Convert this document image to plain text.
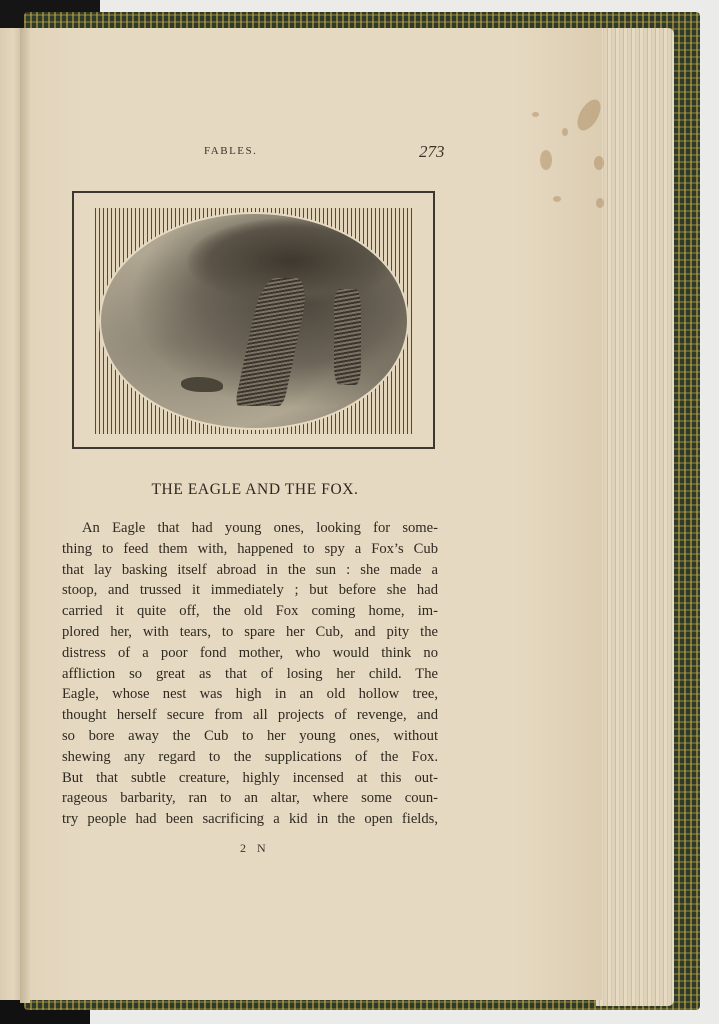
FABLES.	273
THE EAGLE AND THE FOX.
An Eagle that had young ones, looking for some-
thing to feed them with, happened to spy a Fox’s Cub
that lay basking itself abroad in the sun : she made a
stoop, and trussed it immediately ; but before she had
carried it quite off, the old Fox coming home, im-
plored her, with tears, to spare her Cub, and pity the
distress of a poor fond mother, who would think no
affliction so great as that of losing her child. The
Eagle, whose nest was high in an old hollow tree,
thought herself secure from all projects of revenge, and
so bore away the Cub to her young ones, without
shewing any regard to the supplications of the Fox.
But that subtle creature, highly incensed at this out-
rageous barbarity, ran to an altar, where some coun-
try people had been sacrificing a kid in the open fields,
2 N
